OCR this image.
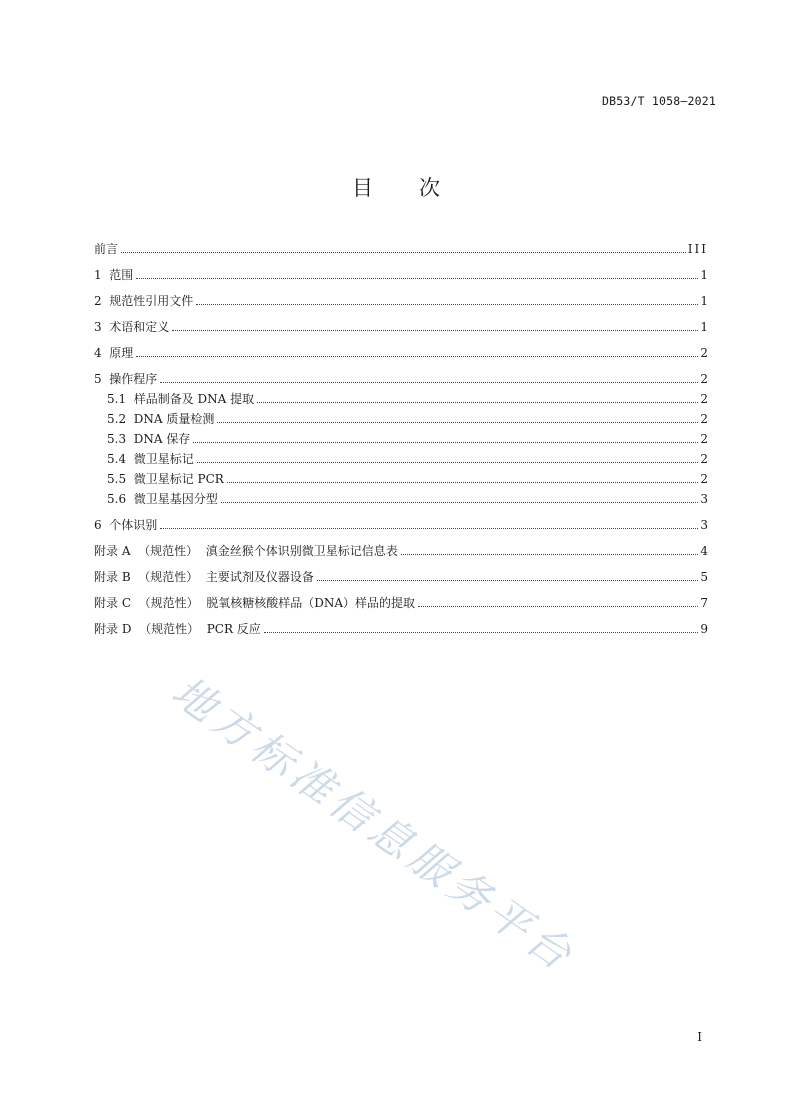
DB53/T 1058—2021
目 次
前言	III
1  范围	1
2  规范性引用文件	1
3  术语和定义	1
4  原理	2
5  操作程序	2
5.1  样品制备及 DNA 提取	2
5.2  DNA 质量检测	2
5.3  DNA 保存	2
5.4  微卫星标记	2
5.5  微卫星标记 PCR	2
5.6  微卫星基因分型	3
6  个体识别	3
附录 A  （规范性）  滇金丝猴个体识别微卫星标记信息表	4
附录 B  （规范性）  主要试剂及仪器设备	5
附录 C  （规范性）  脱氧核糖核酸样品（DNA）样品的提取	7
附录 D  （规范性）  PCR 反应	9
地方标准信息服务平台
I
